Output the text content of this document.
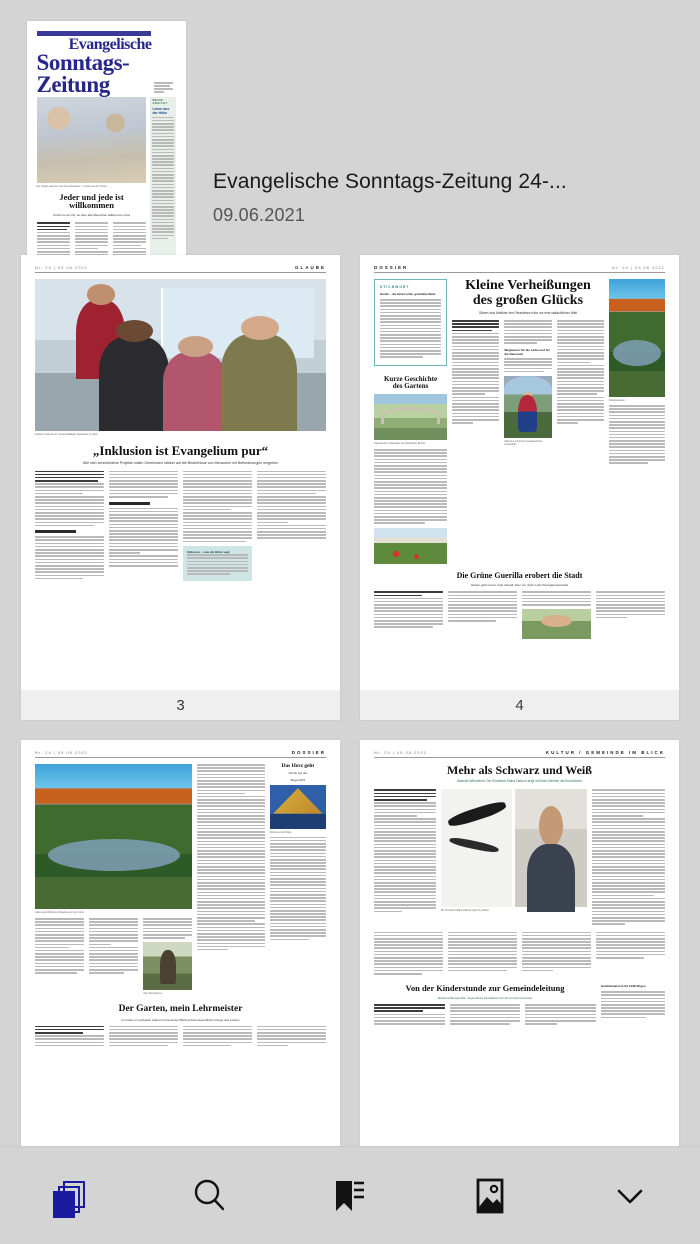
Evangelische
Sonntags-Zeitung
Die Jünger erkennen den Auferstandenen – Fresko aus der Kirche
Jeder und jede ist willkommen
Kirche ist ein Ort, an dem alle Menschen willkommen sind
MEINE ANSICHT
Leben aus der Höhe
Evangelische Sonntags-Zeitung 24-...
09.06.2021
Nr. 24 | 09.06.2021	GLAUBE
Inklusion bedeutet im Gemeindealltag miteinander zu leben
„Inklusion ist Evangelium pur“
Wie sich verschiedene Projekte sollen Gemeinden stärker auf die Bedürfnisse von Menschen mit Behinderungen eingehen
Inklusion – was die Bibel sagt
3
DOSSIER	Nr. 24 | 09.06.2021
STICHWORT
Garten – die beherrschte, gestaltete Natur
Kurze Geschichte
des Gartens
Gartenkunst: Parkanlage mit historischer Brücke
Kleine Verheißungen
des großen Glücks
Gärten sind Abbilder des Paradieses nicht nur eine tatsächlichen Welt
Wegweiser für die Liebe und für die Dauerzeit
Madonna mit Kind in paradiesischer Landschaft
Paradiesgarten
Die Grüne Guerilla erobert die Stadt
Gärten geht immer. Fast überall. Aber nur nicht in der Kleingartenparzelle
4
Nr. 24 | 09.06.2021	DOSSIER
Gärten als Abbild des Paradieses in der Kunst
Alte Olivenbäume
Das Herz geht
Kirche auf der
Buga 2021
Kirche auf der Buga
Der Garten, mein Lehrmeister
Im Grünen zu arbeiten ändert und lenkt den Blick auf die wesentlichen Dinge des Lebens
Nr. 24 | 09.06.2021	KULTUR / GEMEINDE IM BLICK
Mehr als Schwarz und Weiß
Abstrakt Wimmelnd: Die Künstlerin Maha Zarkout zeigt mit ihren Werken die Kreuzkirche
Die Künstlerin Maha Zarkout zeigt ihre Werke
Von der Kinderstunde zur Gemeindeleitung
Rebecca Bergstraße: Jugendliche kandidieren für den Kirchenvorstand
Gedenkmarsch mit LKW-Zügen
